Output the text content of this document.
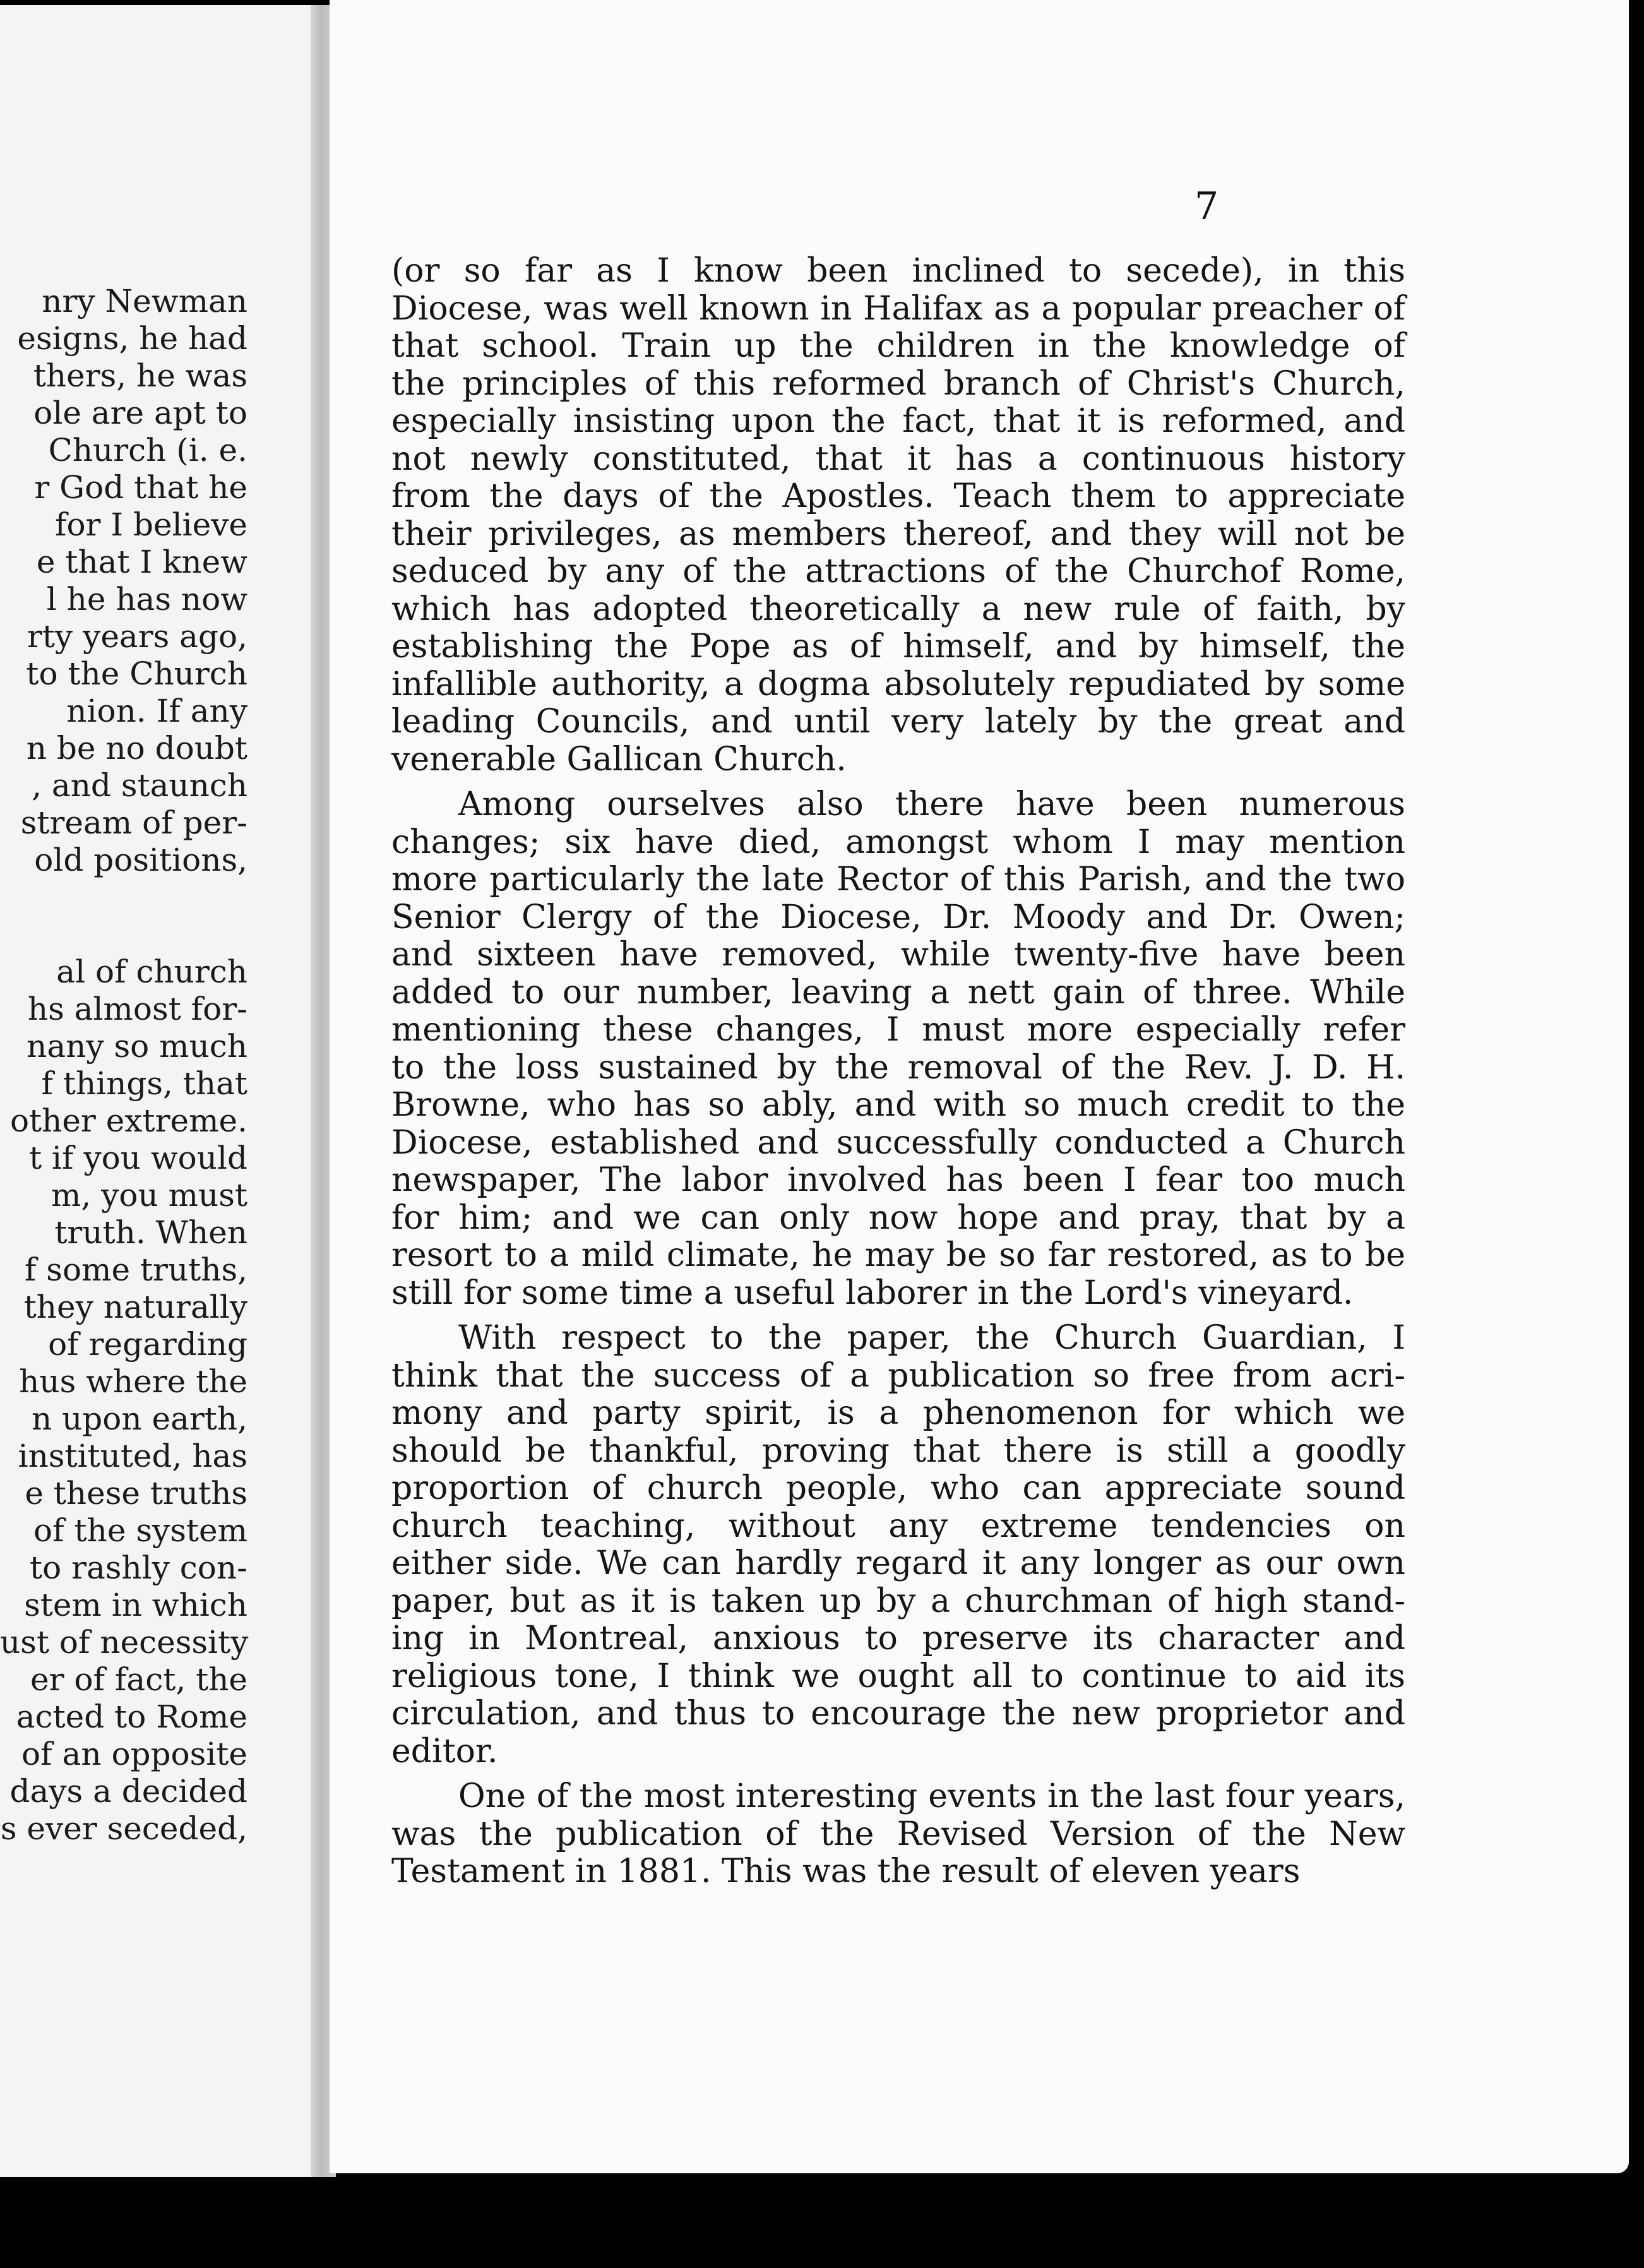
nry Newman
esigns, he had
thers, he was
ole are apt to
Church (i. e.
r God that he
for I believe
e that I knew
l he has now
rty years ago,
to the Church
nion. If any
n be no doubt
, and staunch
stream of per-
old positions,
al of church
hs almost for-
nany so much
f things, that
other extreme.
t if you would
m, you must
truth. When
f some truths,
they naturally
of regarding
hus where the
n upon earth,
instituted, has
e these truths
of the system
to rashly con-
stem in which
ust of necessity
er of fact, the
acted to Rome
of an opposite
days a decided
s ever seceded,
7

(or so far as I know been inclined to secede), in this
Diocese, was well known in Halifax as a popular preacher of
that school. Train up the children in the knowledge of
the principles of this reformed branch of Christ's Church,
especially insisting upon the fact, that it is reformed, and
not newly constituted, that it has a continuous history
from the days of the Apostles. Teach them to appreciate
their privileges, as members thereof, and they will not be
seduced by any of the attractions of the Churchof Rome,
which has adopted theoretically a new rule of faith, by
establishing the Pope as of himself, and by himself, the
infallible authority, a dogma absolutely repudiated by some
leading Councils, and until very lately by the great and
venerable Gallican Church.

Among ourselves also there have been numerous
changes; six have died, amongst whom I may mention
more particularly the late Rector of this Parish, and the two
Senior Clergy of the Diocese, Dr. Moody and Dr. Owen;
and sixteen have removed, while twenty-five have been
added to our number, leaving a nett gain of three. While
mentioning these changes, I must more especially refer
to the loss sustained by the removal of the Rev. J. D. H.
Browne, who has so ably, and with so much credit to the
Diocese, established and successfully conducted a Church
newspaper, The labor involved has been I fear too much
for him; and we can only now hope and pray, that by a
resort to a mild climate, he may be so far restored, as to be
still for some time a useful laborer in the Lord's vineyard.

With respect to the paper, the Church Guardian, I
think that the success of a publication so free from acri-
mony and party spirit, is a phenomenon for which we
should be thankful, proving that there is still a goodly
proportion of church people, who can appreciate sound
church teaching, without any extreme tendencies on
either side. We can hardly regard it any longer as our own
paper, but as it is taken up by a churchman of high stand-
ing in Montreal, anxious to preserve its character and
religious tone, I think we ought all to continue to aid its
circulation, and thus to encourage the new proprietor and
editor.

One of the most interesting events in the last four years,
was the publication of the Revised Version of the New
Testament in 1881. This was the result of eleven years
